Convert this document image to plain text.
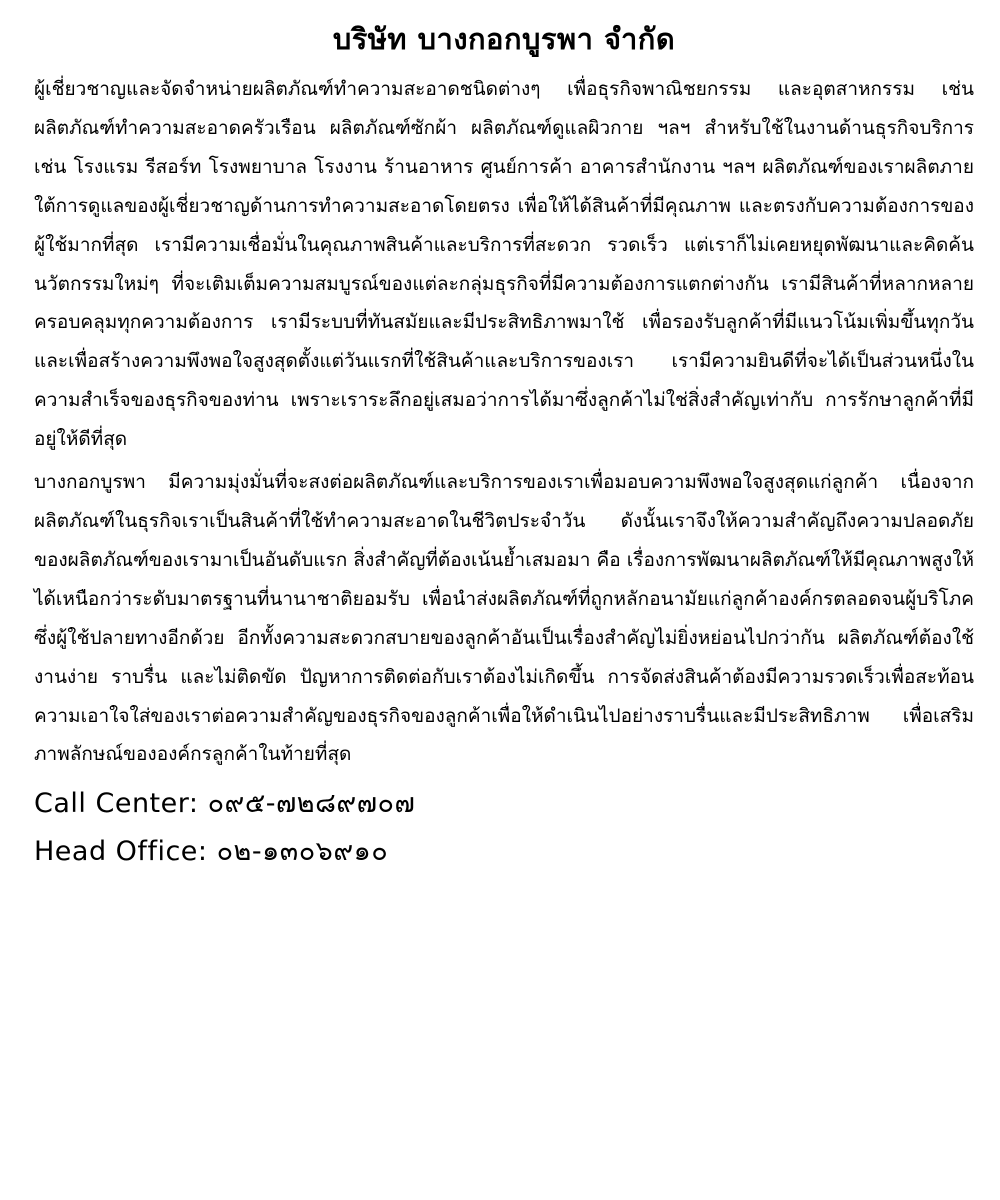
บริษัท บางกอกบูรพา จำกัด

ผู้เชี่ยวชาญและจัดจำหน่ายผลิตภัณฑ์ทำความสะอาดชนิดต่างๆ เพื่อธุรกิจพาณิชยกรรม และอุตสาหกรรม เช่น ผลิตภัณฑ์ทำความสะอาดครัวเรือน ผลิตภัณฑ์ซักผ้า ผลิตภัณฑ์ดูแลผิวกาย ฯลฯ สำหรับใช้ในงานด้านธุรกิจบริการ เช่น โรงแรม รีสอร์ท โรงพยาบาล โรงงาน ร้านอาหาร ศูนย์การค้า อาคารสำนักงาน ฯลฯ ผลิตภัณฑ์ของเราผลิตภายใต้การดูแลของผู้เชี่ยวชาญด้านการทำความสะอาดโดยตรง เพื่อให้ได้สินค้าที่มีคุณภาพ และตรงกับความต้องการของผู้ใช้มากที่สุด เรามีความเชื่อมั่นในคุณภาพสินค้าและบริการที่สะดวก รวดเร็ว แต่เราก็ไม่เคยหยุดพัฒนาและคิดค้นนวัตกรรมใหม่ๆ ที่จะเติมเต็มความสมบูรณ์ของแต่ละกลุ่มธุรกิจที่มีความต้องการแตกต่างกัน เรามีสินค้าที่หลากหลายครอบคลุมทุกความต้องการ เรามีระบบที่ทันสมัยและมีประสิทธิภาพมาใช้ เพื่อรองรับลูกค้าที่มีแนวโน้มเพิ่มขึ้นทุกวัน และเพื่อสร้างความพึงพอใจสูงสุดตั้งแต่วันแรกที่ใช้สินค้าและบริการของเรา เรามีความยินดีที่จะได้เป็นส่วนหนึ่งในความสำเร็จของธุรกิจของท่าน เพราะเราระลึกอยู่เสมอว่าการได้มาซึ่งลูกค้าไม่ใช่สิ่งสำคัญเท่ากับ การรักษาลูกค้าที่มีอยู่ให้ดีที่สุด

บางกอกบูรพา มีความมุ่งมั่นที่จะสงต่อผลิตภัณฑ์และบริการของเราเพื่อมอบความพึงพอใจสูงสุดแก่ลูกค้า เนื่องจากผลิตภัณฑ์ในธุรกิจเราเป็นสินค้าที่ใช้ทำความสะอาดในชีวิตประจำวัน ดังนั้นเราจึงให้ความสำคัญถึงความปลอดภัยของผลิตภัณฑ์ของเรามาเป็นอันดับแรก สิ่งสำคัญที่ต้องเน้นย้ำเสมอมา คือ เรื่องการพัฒนาผลิตภัณฑ์ให้มีคุณภาพสูงให้ได้เหนือกว่าระดับมาตรฐานที่นานาชาติยอมรับ เพื่อนำส่งผลิตภัณฑ์ที่ถูกหลักอนามัยแก่ลูกค้าองค์กรตลอดจนผู้บริโภคซึ่งผู้ใช้ปลายทางอีกด้วย อีกทั้งความสะดวกสบายของลูกค้าอันเป็นเรื่องสำคัญไม่ยิ่งหย่อนไปกว่ากัน ผลิตภัณฑ์ต้องใช้งานง่าย ราบรื่น และไม่ติดขัด ปัญหาการติดต่อกับเราต้องไม่เกิดขึ้น การจัดส่งสินค้าต้องมีความรวดเร็วเพื่อสะท้อนความเอาใจใส่ของเราต่อความสำคัญของธุรกิจของลูกค้าเพื่อให้ดำเนินไปอย่างราบรื่นและมีประสิทธิภาพ เพื่อเสริมภาพลักษณ์ขององค์กรลูกค้าในท้ายที่สุด

Call Center: ๐๙๕-๗๒๘๙๗๐๗

Head Office: ๐๒-๑๓๐๖๙๑๐
